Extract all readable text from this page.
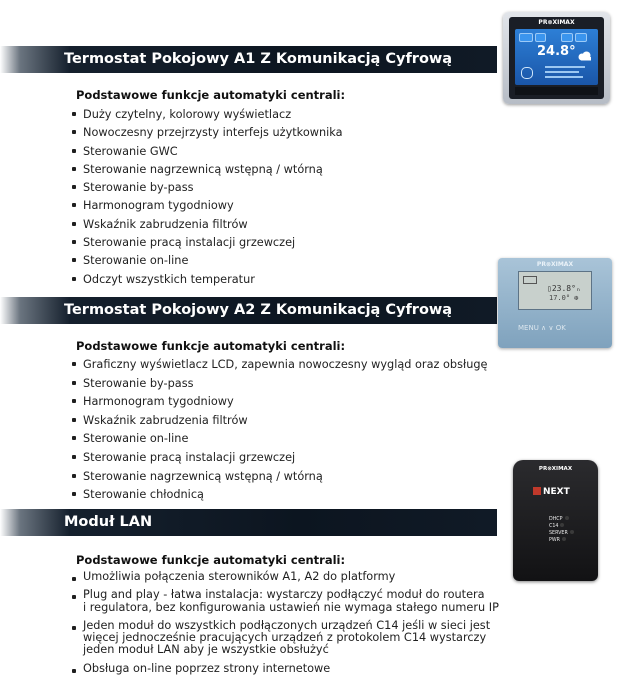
Termostat Pokojowy A1 Z Komunikacją Cyfrową
Podstawowe funkcje automatyki centrali:
Duży czytelny, kolorowy wyświetlacz
Nowoczesny przejrzysty interfejs użytkownika
Sterowanie GWC
Sterowanie nagrzewnicą wstępną / wtórną
Sterowanie by-pass
Harmonogram tygodniowy
Wskaźnik zabrudzenia filtrów
Sterowanie pracą instalacji grzewczej
Sterowanie on-line
Odczyt wszystkich temperatur
Termostat Pokojowy A2 Z Komunikacją Cyfrową
Podstawowe funkcje automatyki centrali:
Graficzny wyświetlacz LCD, zapewnia nowoczesny wygląd oraz obsługę
Sterowanie by-pass
Harmonogram tygodniowy
Wskaźnik zabrudzenia filtrów
Sterowanie on-line
Sterowanie pracą instalacji grzewczej
Sterowanie nagrzewnicą wstępną / wtórną
Sterowanie chłodnicą
Moduł LAN
Podstawowe funkcje automatyki centrali:
Umożliwia połączenia sterowników A1, A2 do platformy
Plug and play - łatwa instalacja: wystarczy podłączyć moduł do routera
i regulatora, bez konfigurowania ustawień nie wymaga stałego numeru IP
Jeden moduł do wszystkich podłączonych urządzeń C14 jeśli w sieci jest
więcej jednocześnie pracujących urządzeń z protokolem C14 wystarczy
jeden moduł LAN aby je wszystkie obsłużyć
Obsługa on-line poprzez strony internetowe
PR⊗XIMAX
24.8°
PR⊗XIMAX
▯23.8°ₙ
17.0° ❆
MENU ∧ ∨ OK
PR⊗XIMAX
NEXT
DHCP
C14
SERVER
PWR
